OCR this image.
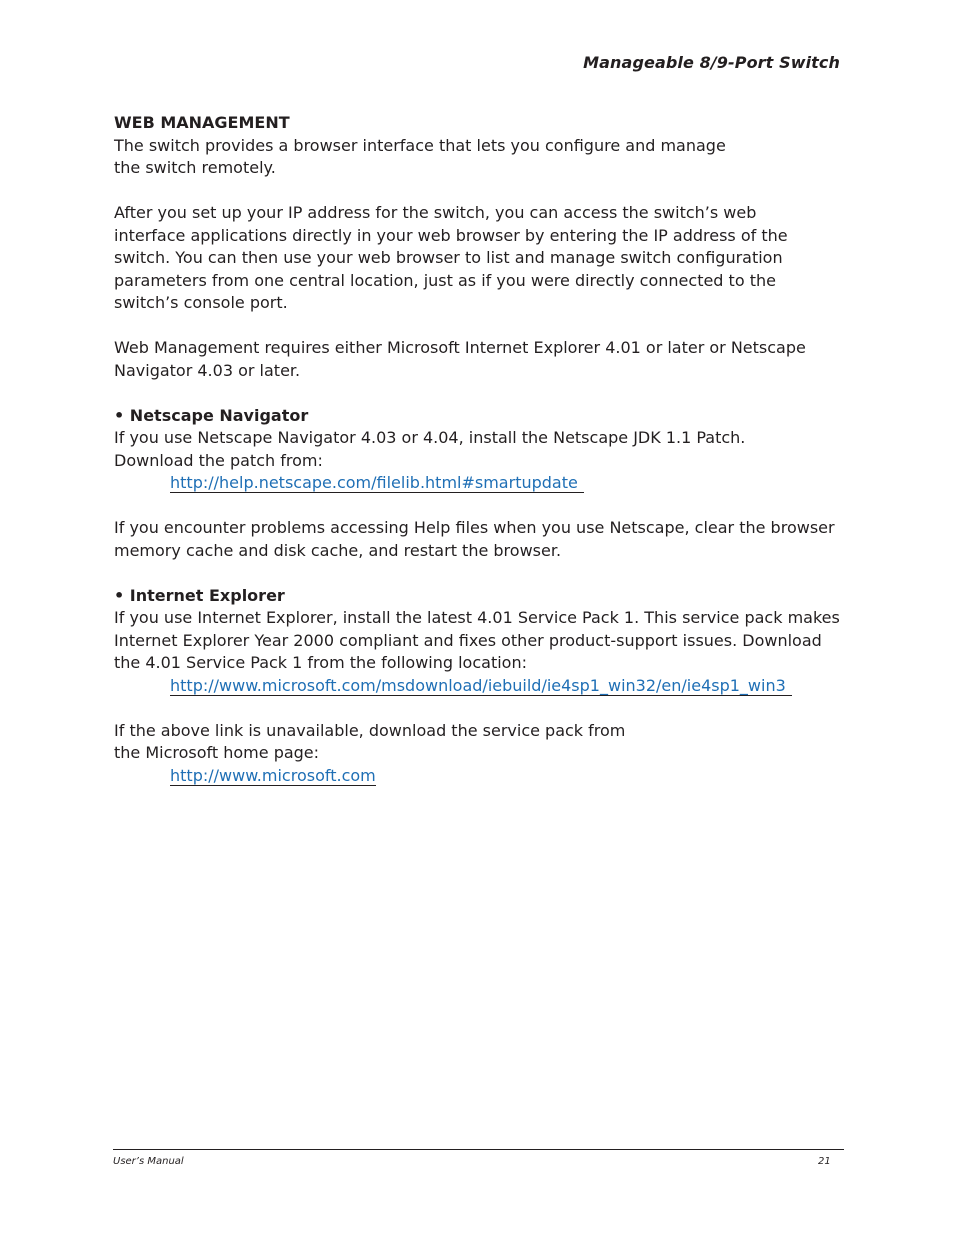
Manageable 8/9-Port Switch

WEB MANAGEMENT

The switch provides a browser interface that lets you configure and manage

the switch remotely.

After you set up your IP address for the switch, you can access the switch’s web

interface applications directly in your web browser by entering the IP address of the

switch. You can then use your web browser to list and manage switch configuration

parameters from one central location, just as if you were directly connected to the

switch’s console port.

Web Management requires either Microsoft Internet Explorer 4.01 or later or Netscape

Navigator 4.03 or later.

• Netscape Navigator

If you use Netscape Navigator 4.03 or 4.04, install the Netscape JDK 1.1 Patch.

Download the patch from:

http://help.netscape.com/filelib.html#smartupdate

If you encounter problems accessing Help files when you use Netscape, clear the browser

memory cache and disk cache, and restart the browser.

• Internet Explorer

If you use Internet Explorer, install the latest 4.01 Service Pack 1. This service pack makes

Internet Explorer Year 2000 compliant and fixes other product-support issues. Download

the 4.01 Service Pack 1 from the following location:

http://www.microsoft.com/msdownload/iebuild/ie4sp1_win32/en/ie4sp1_win3

If the above link is unavailable, download the service pack from

the Microsoft home page:

http://www.microsoft.com

User’s Manual	21
